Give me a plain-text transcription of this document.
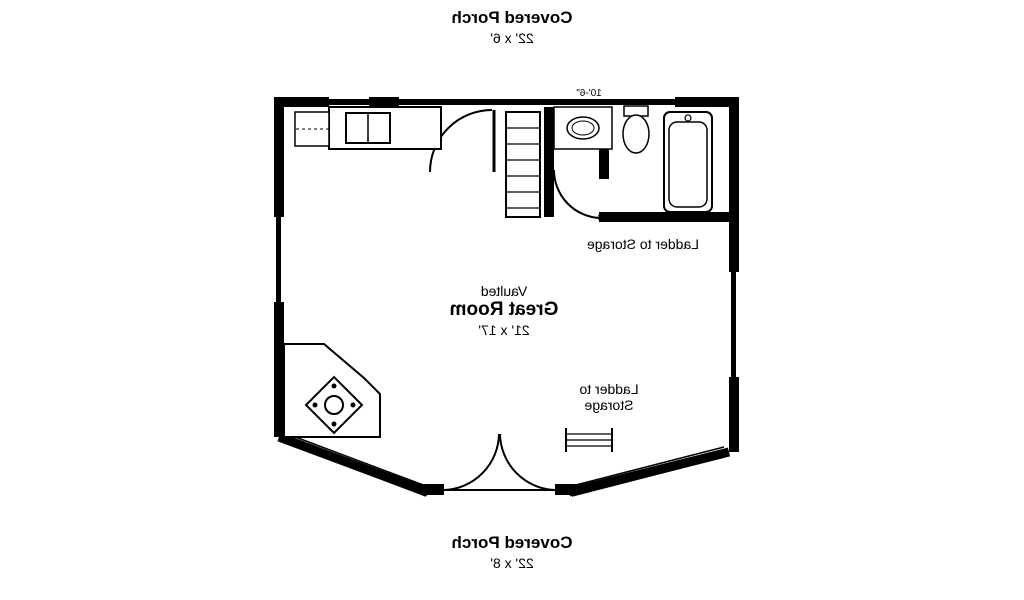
Covered Porch
22' x 6'
Vaulted
Great Room
21' x 17'
Covered Porch
22' x 8'
Ladder to Storage
Ladder to
Storage
10'-6"
